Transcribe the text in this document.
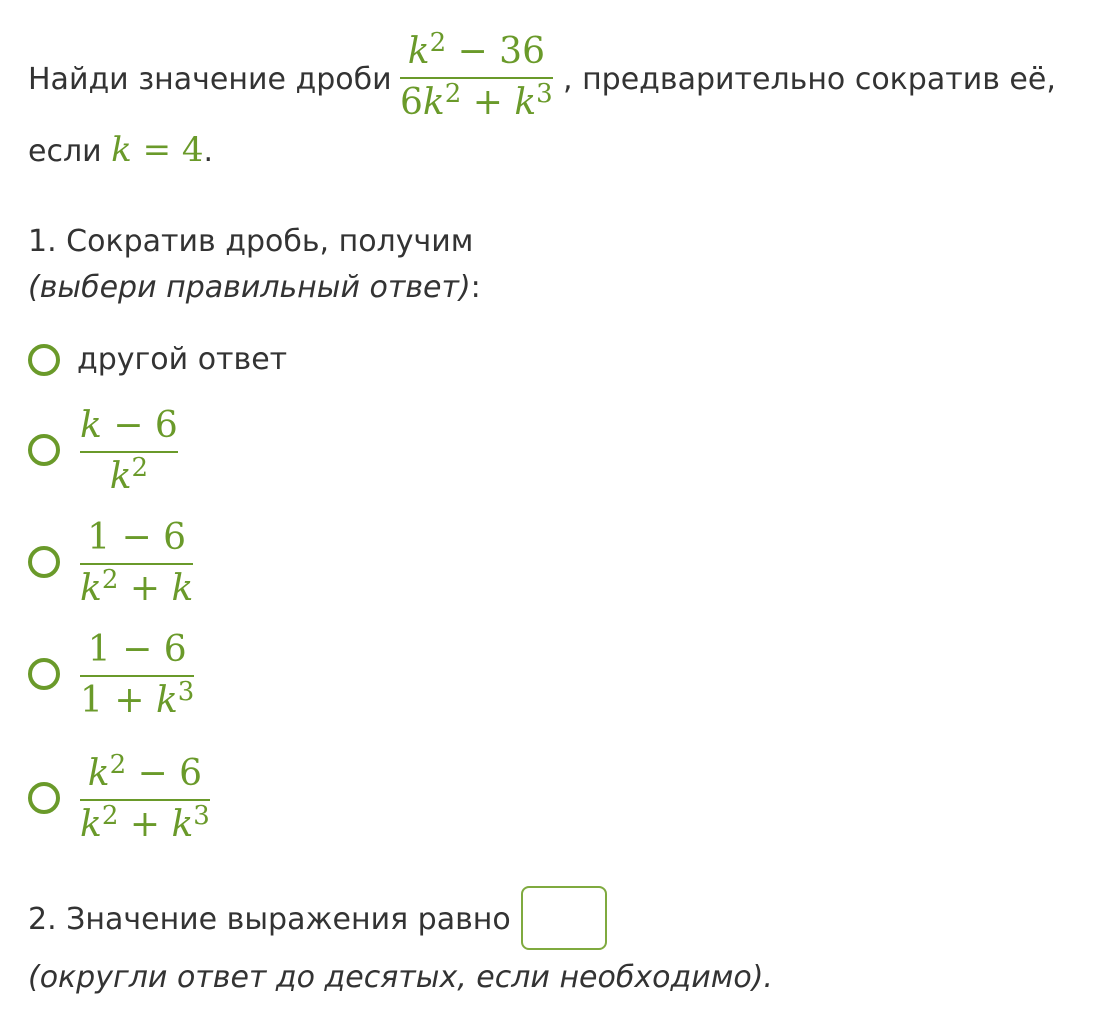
Найди значение дроби
$k^2 - 36$
$6k^2 + k^3$ , предварительно сократив её,
если k = 4.
1. Сократив дробь, получим
(выбери правильный ответ):
другой ответ
k − 6
$k^2$
1 − 6
$k^2 + k$
1 − 6
$1 + k^3$
$k^2 - 6$
$k^2 + k^3$
2. Значение выражения равно
(округли ответ до десятых, если необходимо).
